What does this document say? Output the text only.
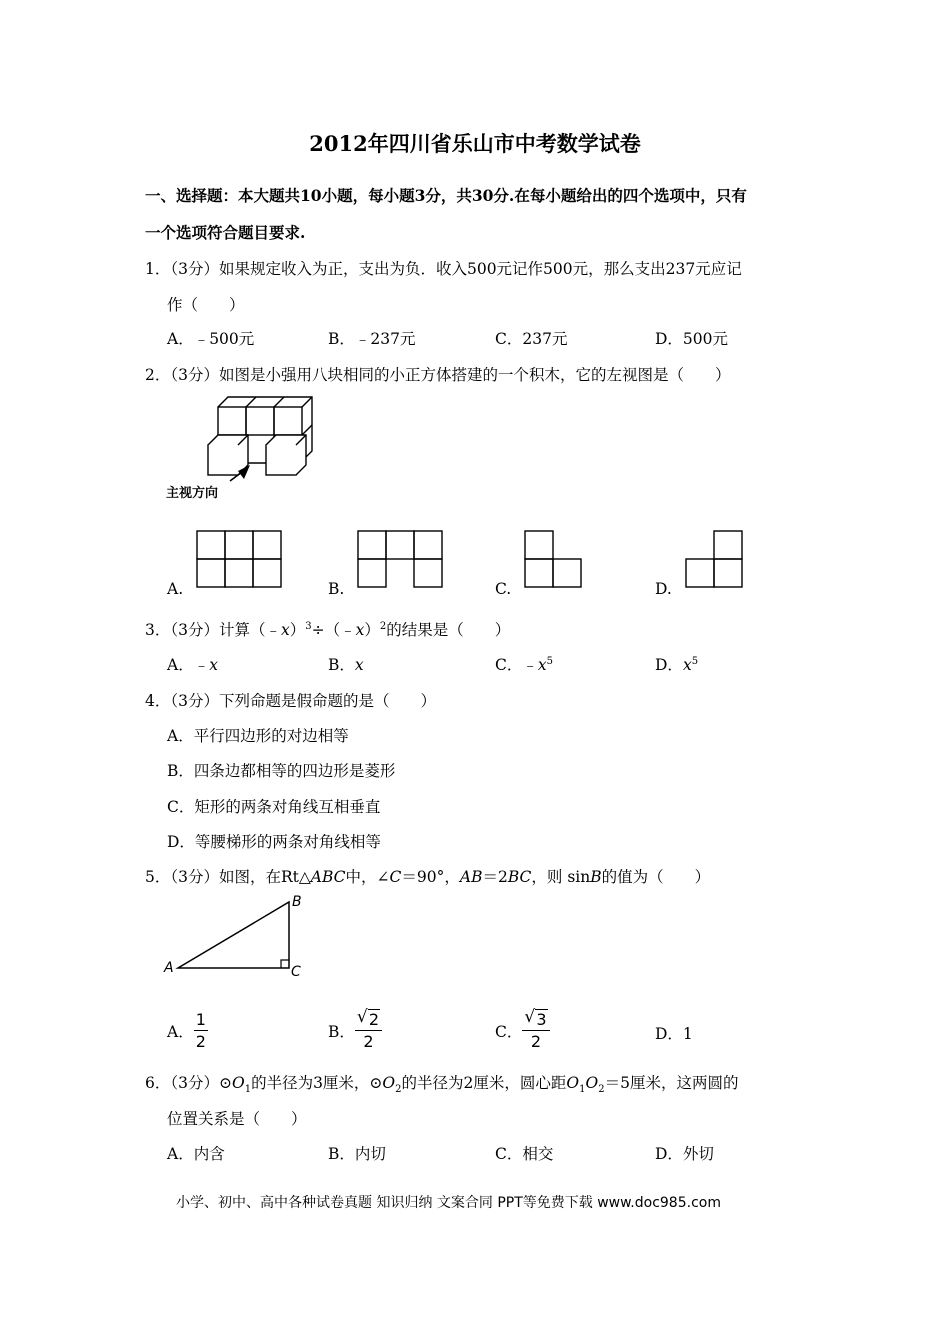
2012年四川省乐山市中考数学试卷
一、选择题：本大题共10小题，每小题3分，共30分.在每小题给出的四个选项中，只有
一个选项符合题目要求.
1．（3分）如果规定收入为正，支出为负．收入500元记作500元，那么支出237元应记
作（　　）
A．﹣500元	B．﹣237元	C．237元	D．500元
2．（3分）如图是小强用八块相同的小正方体搭建的一个积木，它的左视图是（　　）
主视方向
A.	B.	C.	D.
3．（3分）计算（﹣x）$^3$÷（﹣x）$^2$的结果是（　　）
A．﹣x	B．x	C．$﹣x^5$	D．$x^5$
4．（3分）下列命题是假命题的是（　　）
A．平行四边形的对边相等
B．四条边都相等的四边形是菱形
C．矩形的两条对角线互相垂直
D．等腰梯形的两条对角线相等
5．（3分）如图，在Rt△ABC中，∠C＝90°，AB＝2BC，则 sinB的值为（　　）
A
B
C
A． $\frac{1}{2}$	B． $\frac{√ 2}{2}$	C． $\frac{√ 3}{2}$	D．1
6．（3分）$⊙O_1$的半径为3厘米，$⊙O_2$的半径为2厘米，圆心距$O_1O_2=5$厘米，这两圆的
位置关系是（　　）
A．内含	B．内切	C．相交	D．外切
小学、初中、高中各种试卷真题 知识归纳 文案合同 PPT等免费下载 www.doc985.com
